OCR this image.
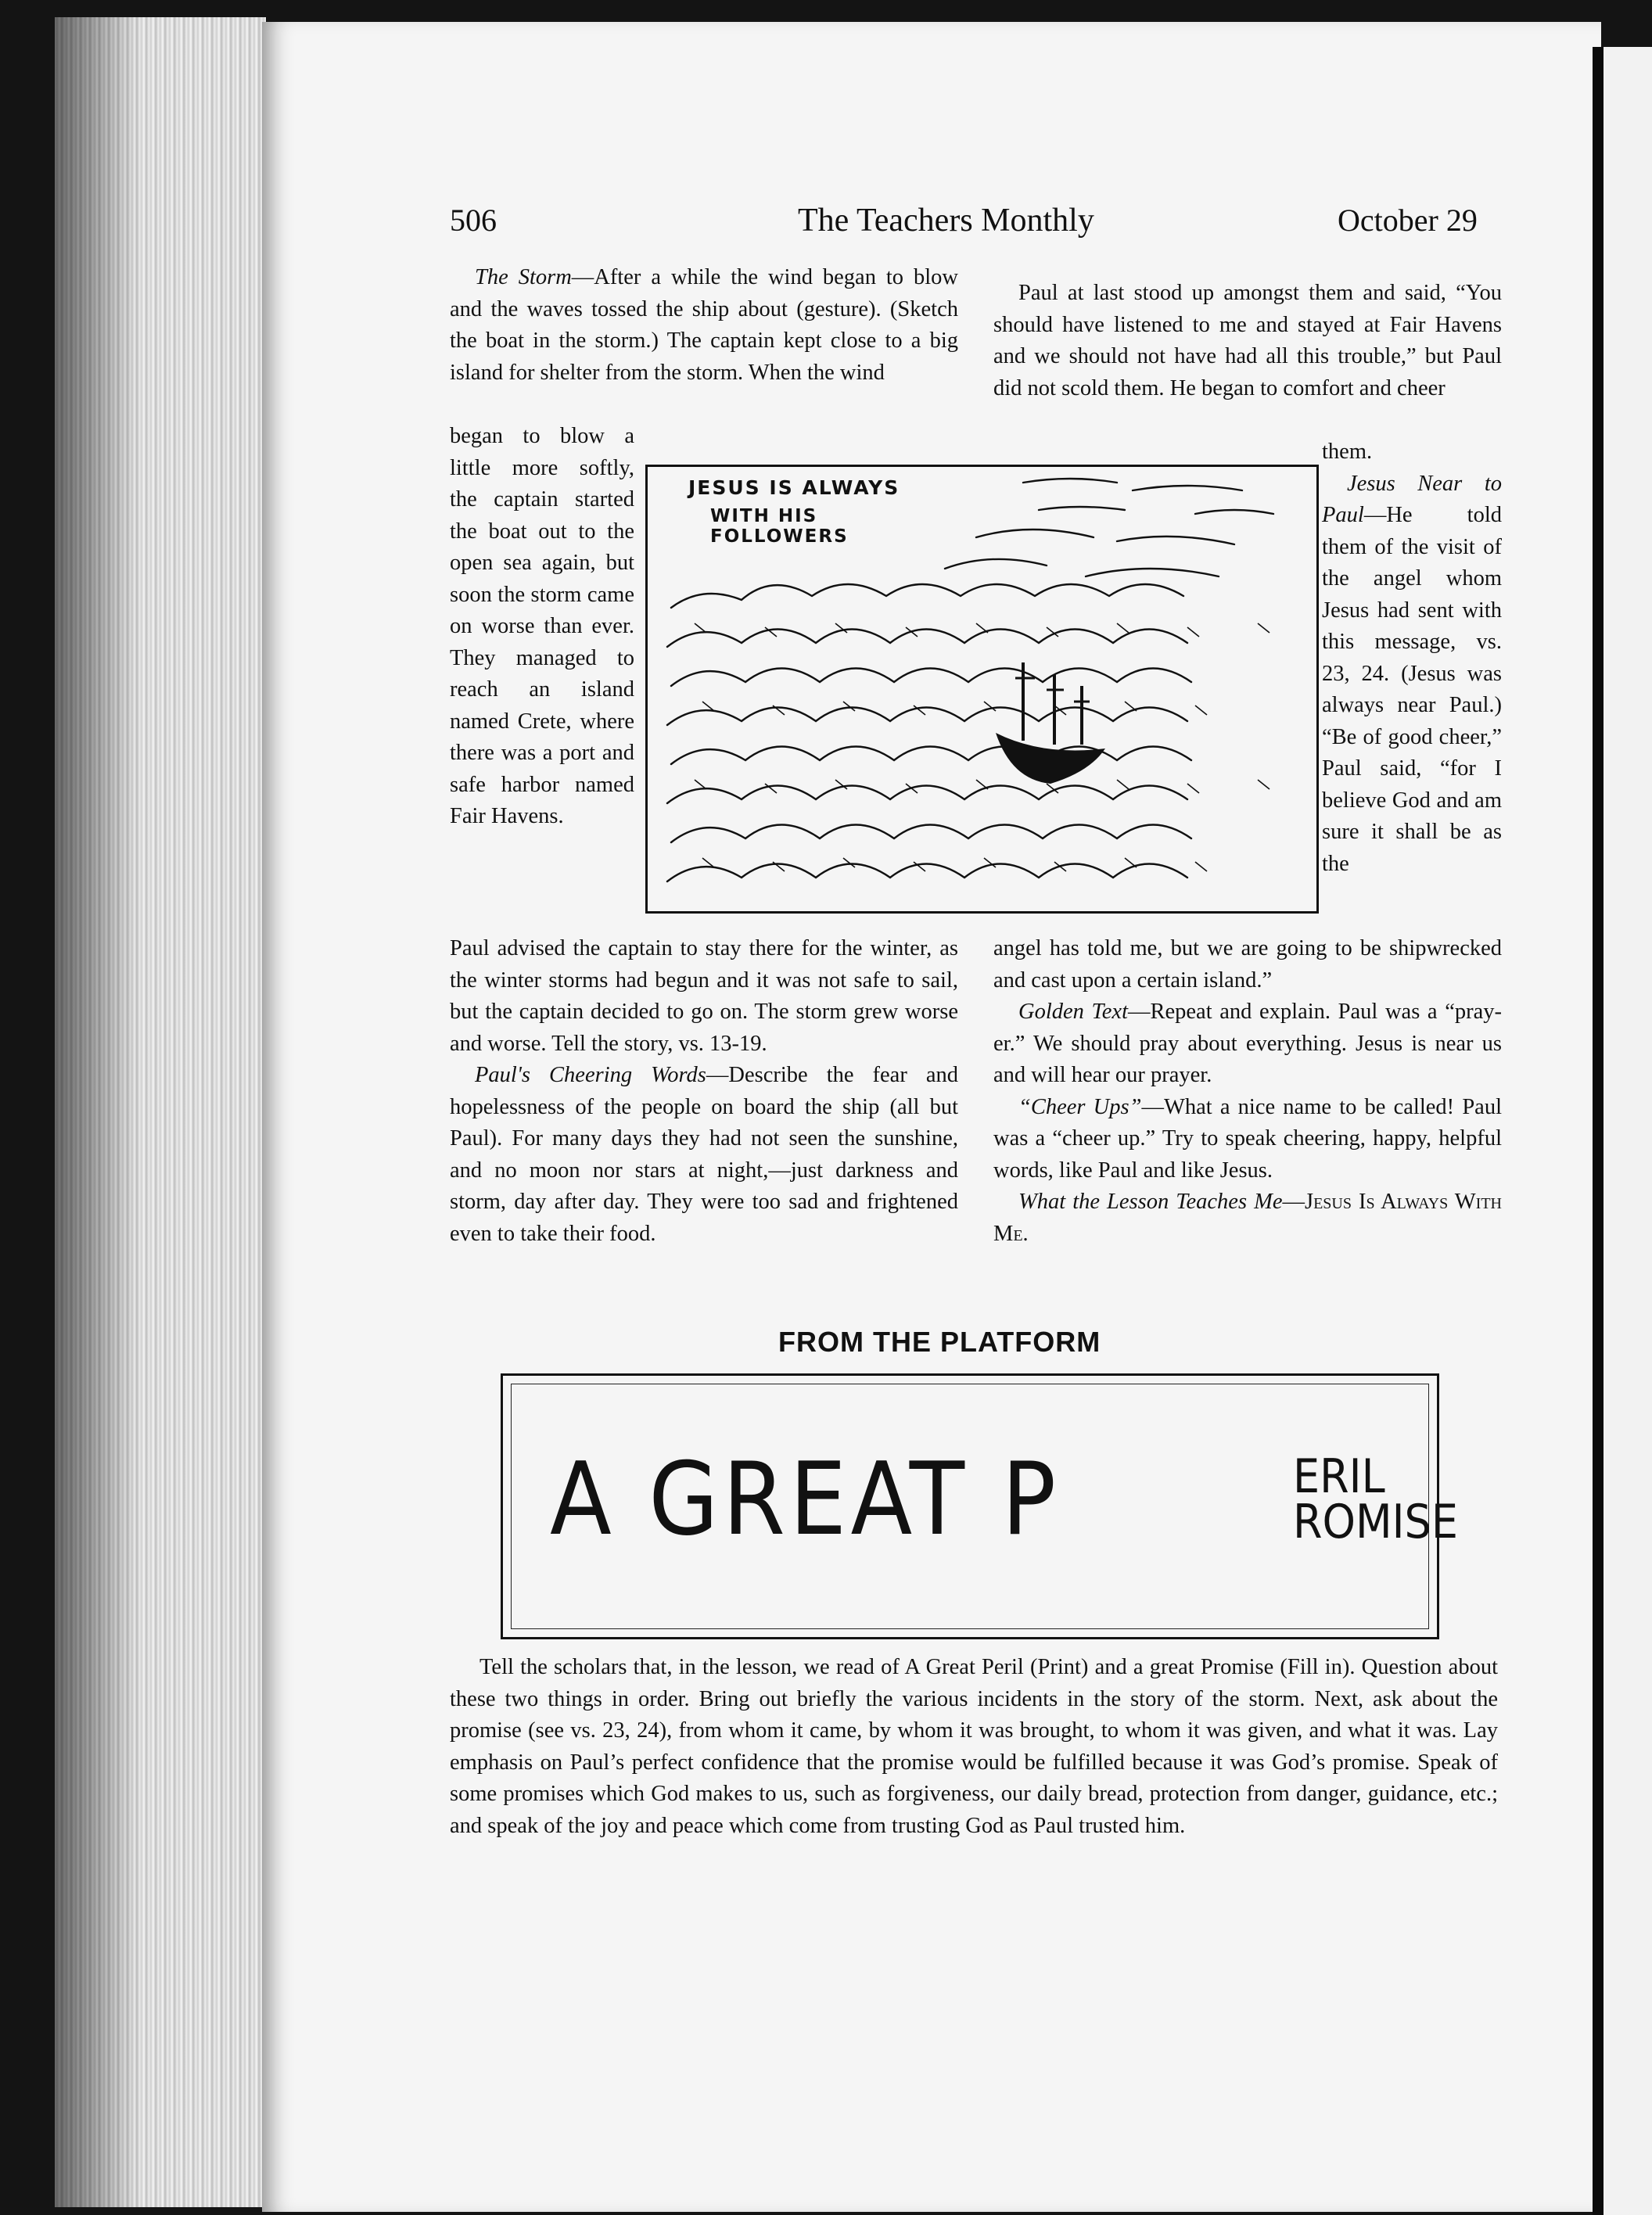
506	The Teachers Monthly	October 29

The Storm—After a while the wind began to blow and the waves tossed the ship about (gesture). (Sketch the boat in the storm.) The captain kept close to a big island for shelter from the storm. When the wind

began to blow a little more softly, the captain started the boat out to the open sea again, but soon the storm came on worse than ever. They managed to reach an island named Crete, where there was a port and safe harbor named Fair Havens.

Paul advised the captain to stay there for the winter, as the winter storms had begun and it was not safe to sail, but the captain decided to go on. The storm grew worse and worse. Tell the story, vs. 13-19.

Paul's Cheering Words—Describe the fear and hopelessness of the people on board the ship (all but Paul). For many days they had not seen the sunshine, and no moon nor stars at night,—just darkness and storm, day after day. They were too sad and frightened even to take their food.

Paul at last stood up amongst them and said, “You should have listened to me and stayed at Fair Havens and we should not have had all this trouble,” but Paul did not scold them. He began to comfort and cheer

them.

Jesus Near to Paul—He told them of the visit of the angel whom Jesus had sent with this message, vs. 23, 24. (Jesus was always near Paul.) “Be of good cheer,” Paul said, “for I believe God and am sure it shall be as the

angel has told me, but we are going to be shipwrecked and cast upon a certain island.”

Golden Text—Repeat and explain. Paul was a “pray-er.” We should pray about everything. Jesus is near us and will hear our prayer.

“Cheer Ups”—What a nice name to be called! Paul was a “cheer up.” Try to speak cheering, happy, helpful words, like Paul and like Jesus.

What the Lesson Teaches Me—Jesus Is Always With Me.

JESUS IS ALWAYS
WITH HIS FOLLOWERS
FROM THE PLATFORM
A GREAT P	ERIL
ROMISE

Tell the scholars that, in the lesson, we read of A Great Peril (Print) and a great Promise (Fill in). Question about these two things in order. Bring out briefly the various incidents in the story of the storm. Next, ask about the promise (see vs. 23, 24), from whom it came, by whom it was brought, to whom it was given, and what it was. Lay emphasis on Paul’s perfect confidence that the promise would be fulfilled because it was God’s promise. Speak of some promises which God makes to us, such as forgiveness, our daily bread, protection from danger, guidance, etc.; and speak of the joy and peace which come from trusting God as Paul trusted him.
